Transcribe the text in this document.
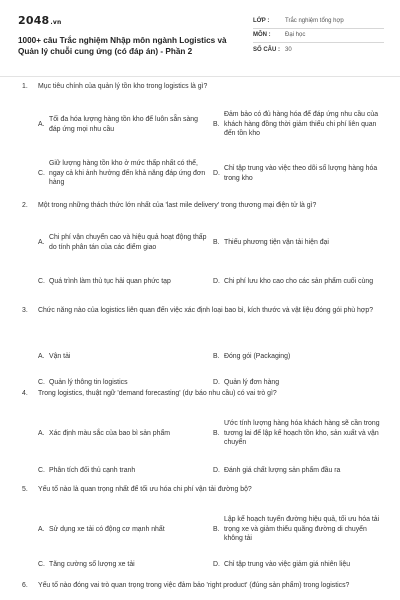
2048.vn
1000+ câu Trắc nghiệm Nhập môn ngành Logistics và Quản lý chuỗi cung ứng (có đáp án) - Phần 2
LỚP :	Trắc nghiệm tổng hợp
MÔN :	Đại học
SỐ CÂU : 30
1.	Mục tiêu chính của quản lý tồn kho trong logistics là gì?
A.
Tối đa hóa lượng hàng tồn kho để luôn sẵn sàng đáp ứng mọi nhu cầu
B.
Đảm bảo có đủ hàng hóa để đáp ứng nhu cầu của khách hàng đồng thời giảm thiểu chi phí liên quan đến tồn kho
C.
Giữ lượng hàng tồn kho ở mức thấp nhất có thể, ngay cả khi ảnh hưởng đến khả năng đáp ứng đơn hàng
D.
Chỉ tập trung vào việc theo dõi số lượng hàng hóa trong kho
2.	Một trong những thách thức lớn nhất của 'last mile delivery' trong thương mại điện tử là gì?
A.
Chi phí vận chuyển cao và hiệu quả hoạt động thấp do tính phân tán của các điểm giao
B. Thiếu phương tiện vận tải hiện đại
C. Quá trình làm thủ tục hải quan phức tạp	D. Chi phí lưu kho cao cho các sản phẩm cuối cùng
3.	Chức năng nào của logistics liên quan đến việc xác định loại bao bì, kích thước và vật liệu đóng gói phù hợp?
A. Vận tải	B. Đóng gói (Packaging)
C. Quản lý thông tin logistics	D. Quản lý đơn hàng
4.	Trong logistics, thuật ngữ 'demand forecasting' (dự báo nhu cầu) có vai trò gì?
A. Xác định màu sắc của bao bì sản phẩm	B.
Ước tính lượng hàng hóa khách hàng sẽ cần trong tương lai để lập kế hoạch tồn kho, sản xuất và vận chuyển
C. Phân tích đối thủ cạnh tranh	D. Đánh giá chất lượng sản phẩm đầu ra
5.	Yếu tố nào là quan trọng nhất để tối ưu hóa chi phí vận tải đường bộ?
A. Sử dụng xe tải có động cơ mạnh nhất	B.
Lập kế hoạch tuyến đường hiệu quả, tối ưu hóa tải trọng xe và giảm thiểu quãng đường di chuyển không tải
C. Tăng cường số lượng xe tải	D. Chỉ tập trung vào việc giảm giá nhiên liệu
6.	Yếu tố nào đóng vai trò quan trọng trong việc đảm bảo 'right product' (đúng sản phẩm) trong logistics?
